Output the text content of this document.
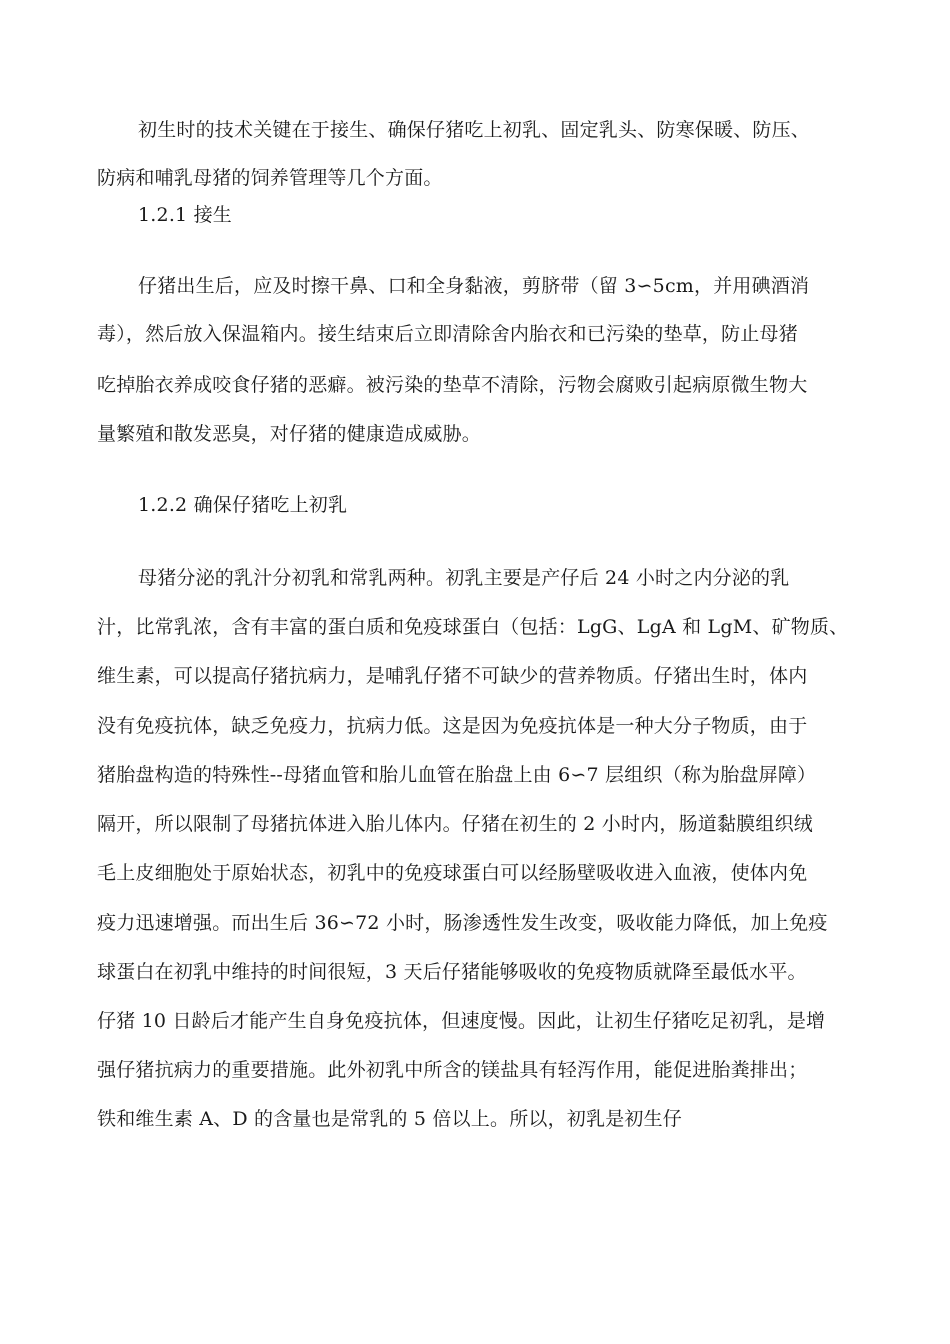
初生时的技术关键在于接生、确保仔猪吃上初乳、固定乳头、防寒保暖、防压、
防病和哺乳母猪的饲养管理等几个方面。
1.2.1 接生
仔猪出生后，应及时擦干鼻、口和全身黏液，剪脐带（留 3∽5cm，并用碘酒消
毒），然后放入保温箱内。接生结束后立即清除舍内胎衣和已污染的垫草，防止母猪
吃掉胎衣养成咬食仔猪的恶癖。被污染的垫草不清除，污物会腐败引起病原微生物大
量繁殖和散发恶臭，对仔猪的健康造成威胁。
1.2.2 确保仔猪吃上初乳
母猪分泌的乳汁分初乳和常乳两种。初乳主要是产仔后 24 小时之内分泌的乳
汁，比常乳浓，含有丰富的蛋白质和免疫球蛋白（包括：LgG、LgA 和 LgM、矿物质、
维生素，可以提高仔猪抗病力，是哺乳仔猪不可缺少的营养物质。仔猪出生时，体内
没有免疫抗体，缺乏免疫力，抗病力低。这是因为免疫抗体是一种大分子物质，由于
猪胎盘构造的特殊性--母猪血管和胎儿血管在胎盘上由 6∽7 层组织（称为胎盘屏障）
隔开，所以限制了母猪抗体进入胎儿体内。仔猪在初生的 2 小时内，肠道黏膜组织绒
毛上皮细胞处于原始状态，初乳中的免疫球蛋白可以经肠壁吸收进入血液，使体内免
疫力迅速增强。而出生后 36∽72 小时，肠渗透性发生改变，吸收能力降低，加上免疫
球蛋白在初乳中维持的时间很短，3 天后仔猪能够吸收的免疫物质就降至最低水平。
仔猪 10 日龄后才能产生自身免疫抗体，但速度慢。因此，让初生仔猪吃足初乳，是增
强仔猪抗病力的重要措施。此外初乳中所含的镁盐具有轻泻作用，能促进胎粪排出；
铁和维生素 A、D 的含量也是常乳的 5 倍以上。所以，初乳是初生仔
